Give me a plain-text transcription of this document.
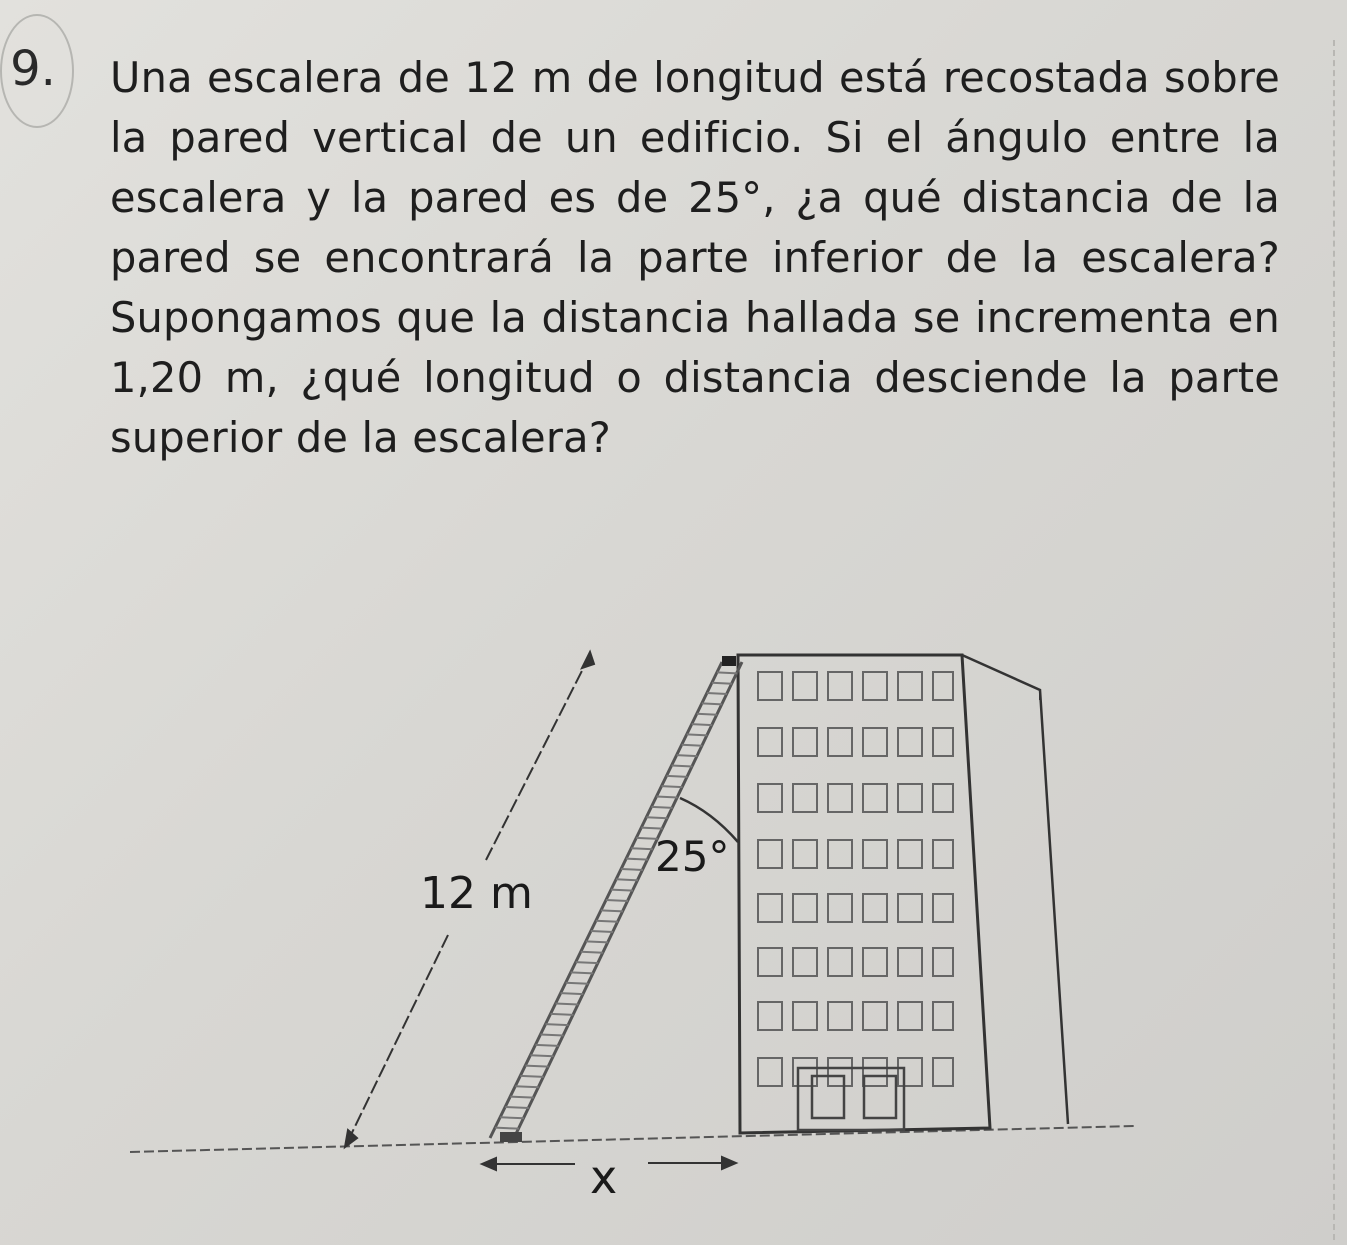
9. Una escalera de 12 m de longitud está recostada sobre la pared vertical de un edificio. Si el ángulo entre la escalera y la pared es de 25°, ¿a qué distancia de la pared se encontrará la parte inferior de la escalera? Supongamos que la distancia hallada se incrementa en 1,20 m, ¿qué longitud o distancia desciende la parte superior de la escalera?

12 m
25°
x
